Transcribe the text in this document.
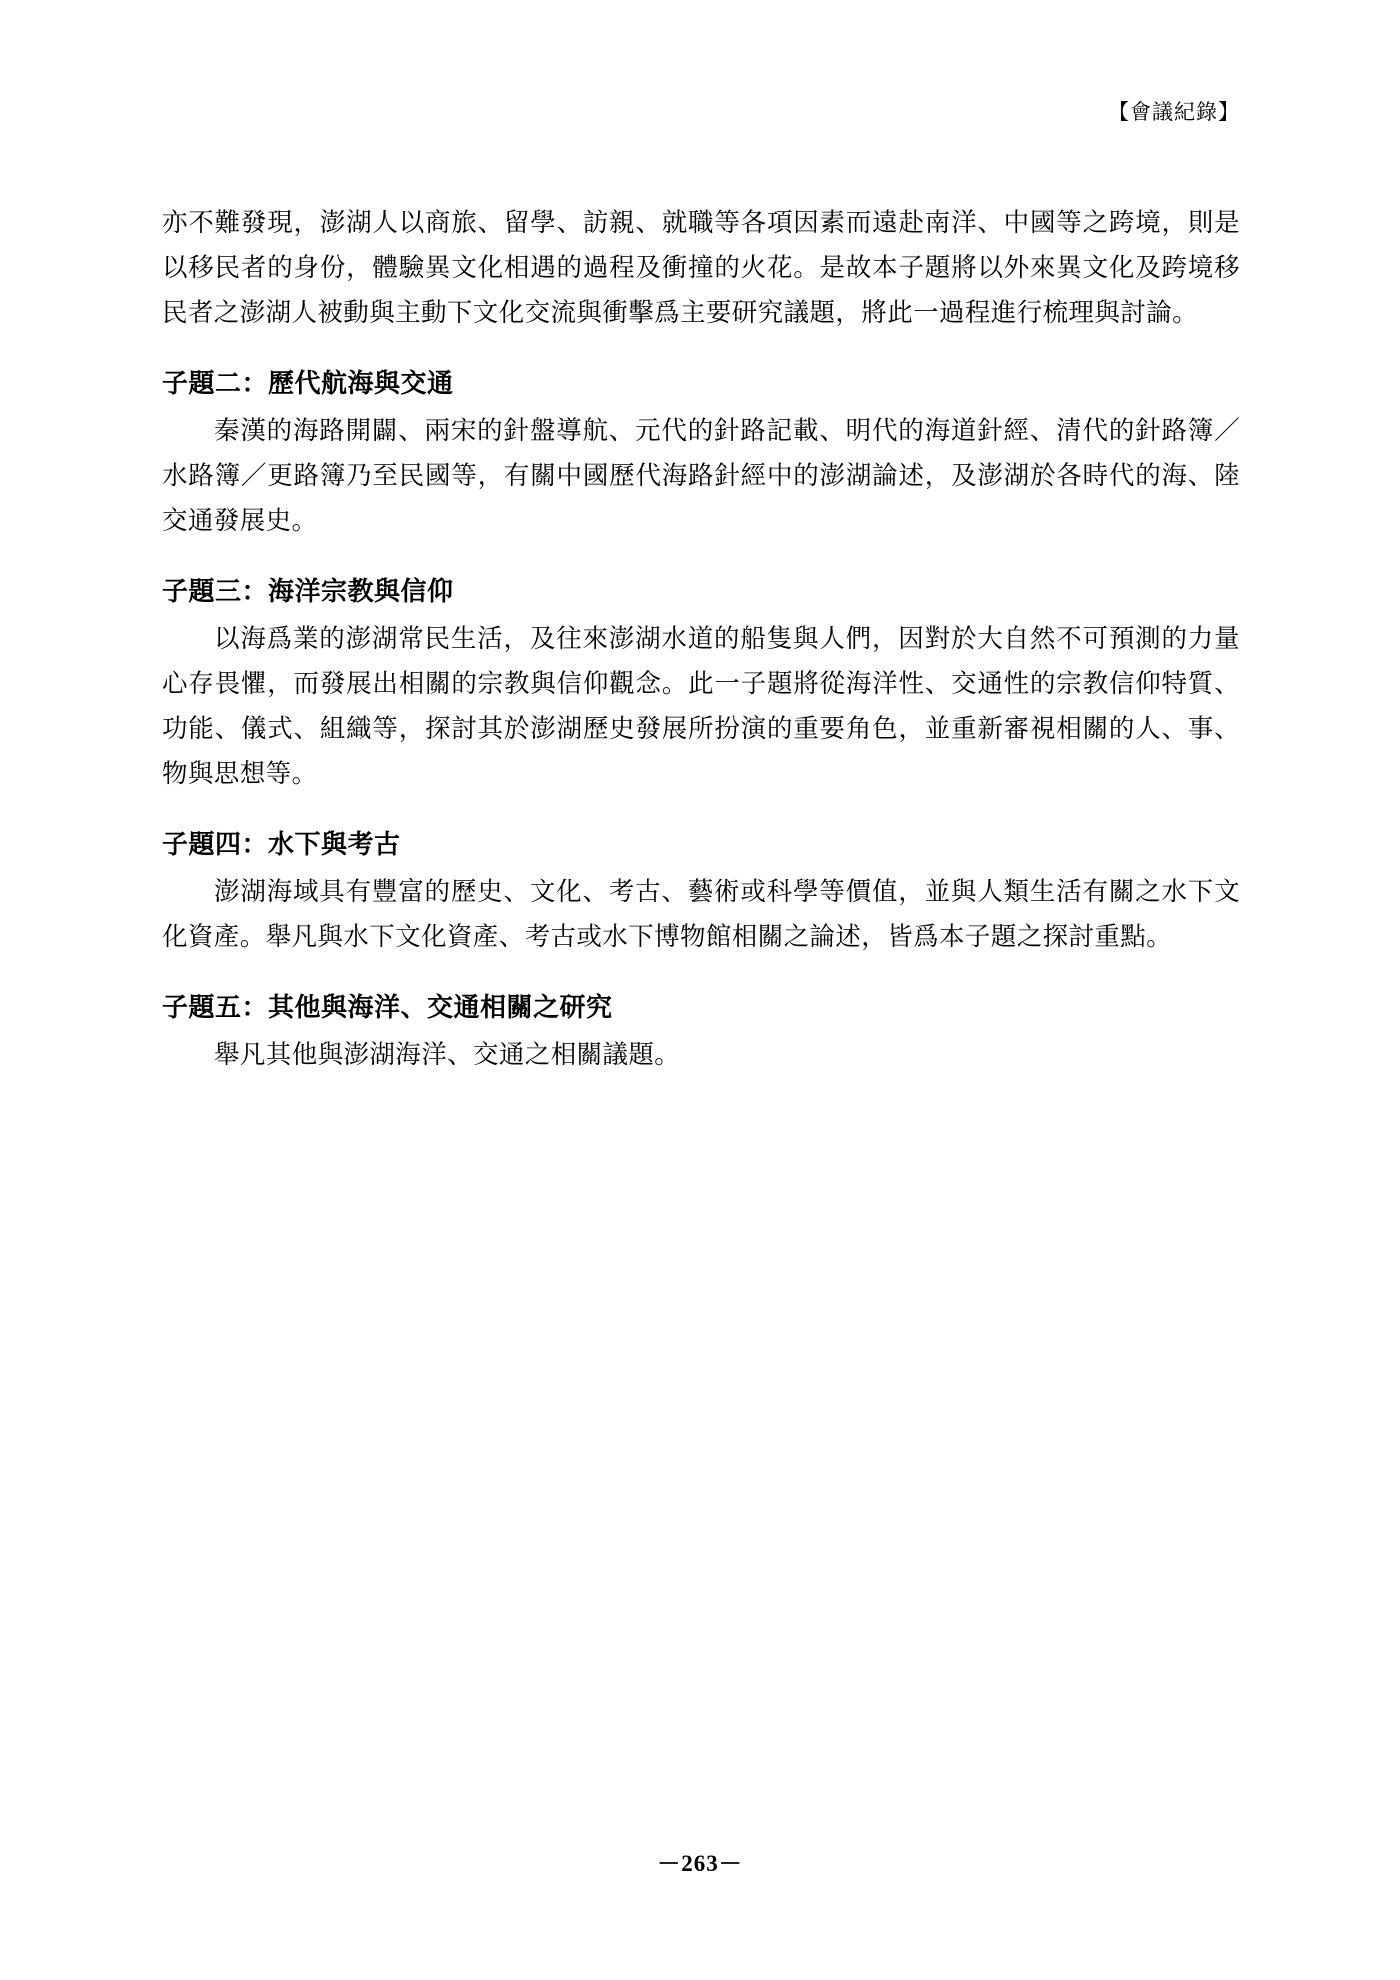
【會議紀錄】

亦不難發現，澎湖人以商旅、留學、訪親、就職等各項因素而遠赴南洋、中國等之跨境，則是以移民者的身份，體驗異文化相遇的過程及衝撞的火花。是故本子題將以外來異文化及跨境移民者之澎湖人被動與主動下文化交流與衝擊爲主要研究議題，將此一過程進行梳理與討論。

子題二：歷代航海與交通

秦漢的海路開闢、兩宋的針盤導航、元代的針路記載、明代的海道針經、清代的針路簿／水路簿／更路簿乃至民國等，有關中國歷代海路針經中的澎湖論述，及澎湖於各時代的海、陸交通發展史。

子題三：海洋宗教與信仰

以海爲業的澎湖常民生活，及往來澎湖水道的船隻與人們，因對於大自然不可預測的力量心存畏懼，而發展出相關的宗教與信仰觀念。此一子題將從海洋性、交通性的宗教信仰特質、功能、儀式、組織等，探討其於澎湖歷史發展所扮演的重要角色，並重新審視相關的人、事、物與思想等。

子題四：水下與考古

澎湖海域具有豐富的歷史、文化、考古、藝術或科學等價值，並與人類生活有關之水下文化資產。舉凡與水下文化資產、考古或水下博物館相關之論述，皆爲本子題之探討重點。

子題五：其他與海洋、交通相關之研究

舉凡其他與澎湖海洋、交通之相關議題。

－263－
